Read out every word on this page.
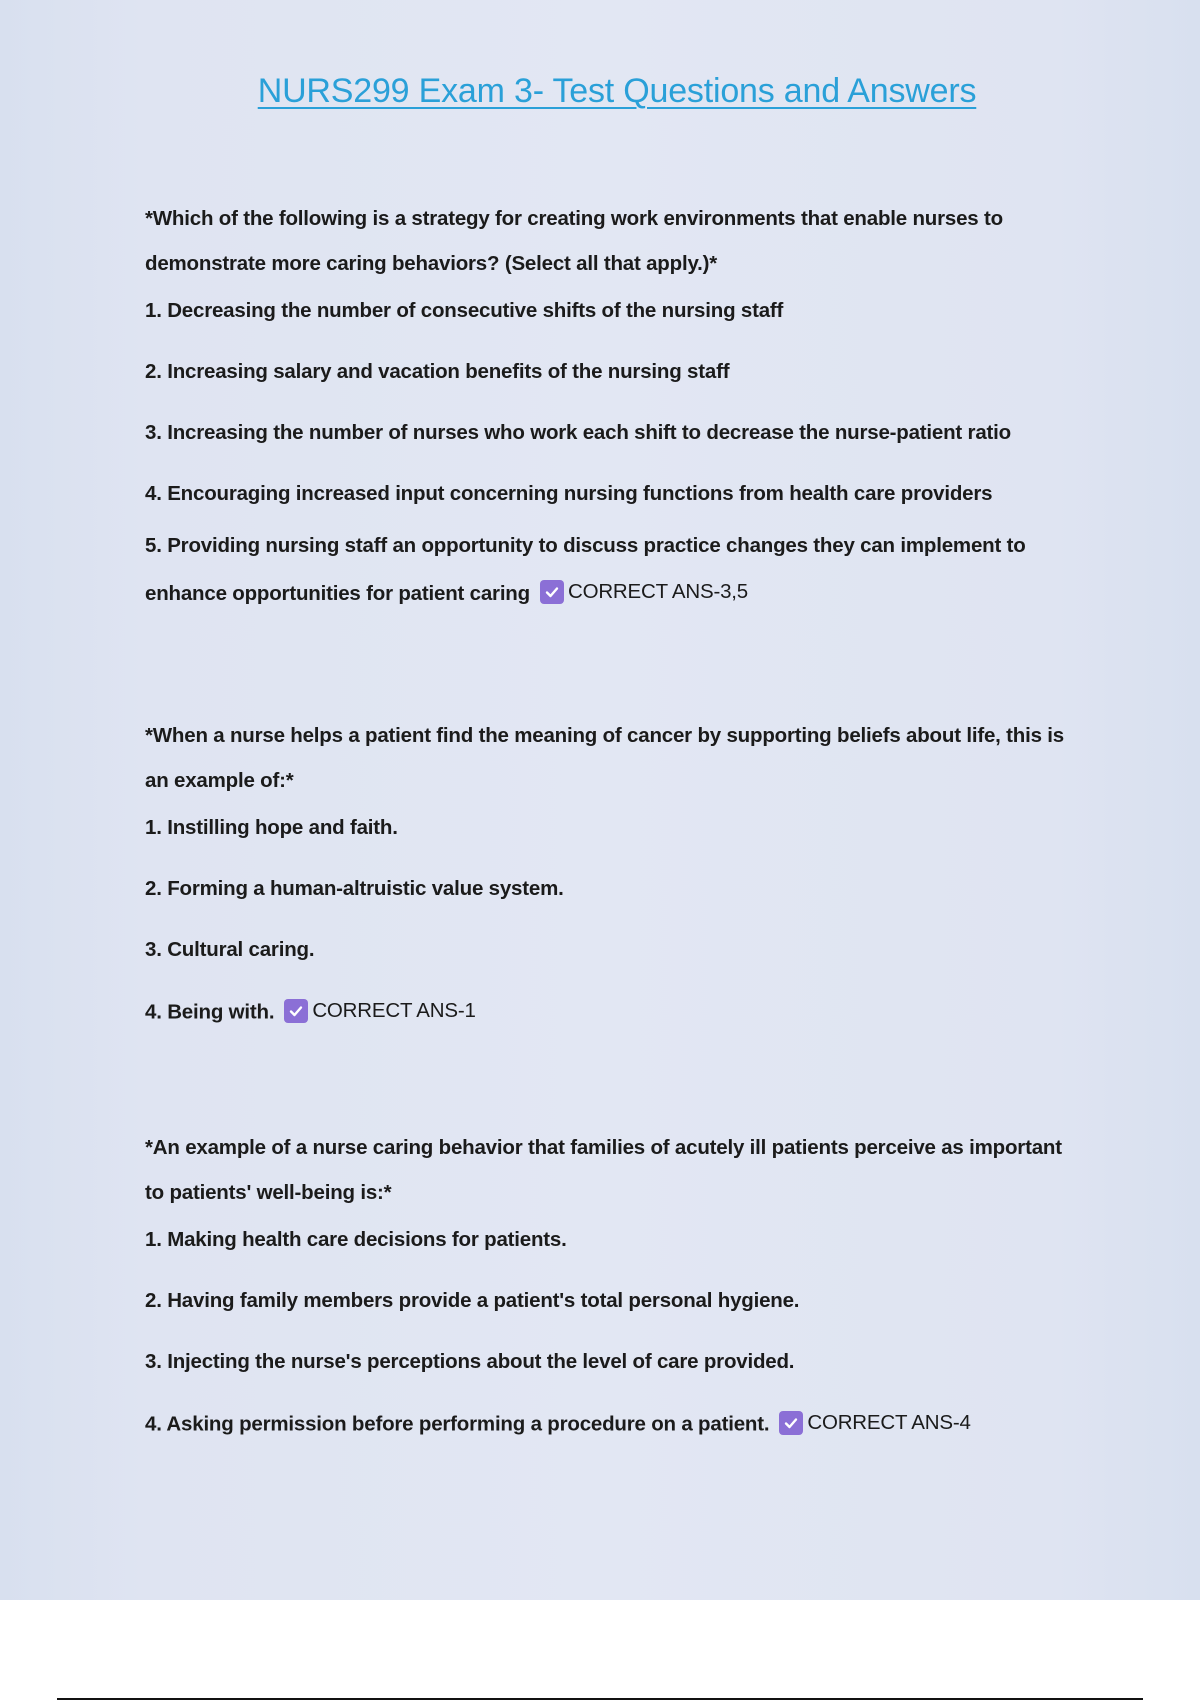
NURS299 Exam 3- Test Questions and Answers

*Which of the following is a strategy for creating work environments that enable nurses to demonstrate more caring behaviors? (Select all that apply.)*

1. Decreasing the number of consecutive shifts of the nursing staff

2. Increasing salary and vacation benefits of the nursing staff

3. Increasing the number of nurses who work each shift to decrease the nurse-patient ratio

4. Encouraging increased input concerning nursing functions from health care providers

5. Providing nursing staff an opportunity to discuss practice changes they can implement to enhance opportunities for patient caring CORRECT ANS-3,5

*When a nurse helps a patient find the meaning of cancer by supporting beliefs about life, this is an example of:*

1. Instilling hope and faith.

2. Forming a human-altruistic value system.

3. Cultural caring.

4. Being with. CORRECT ANS-1

*An example of a nurse caring behavior that families of acutely ill patients perceive as important to patients' well-being is:*

1. Making health care decisions for patients.

2. Having family members provide a patient's total personal hygiene.

3. Injecting the nurse's perceptions about the level of care provided.

4. Asking permission before performing a procedure on a patient. CORRECT ANS-4
